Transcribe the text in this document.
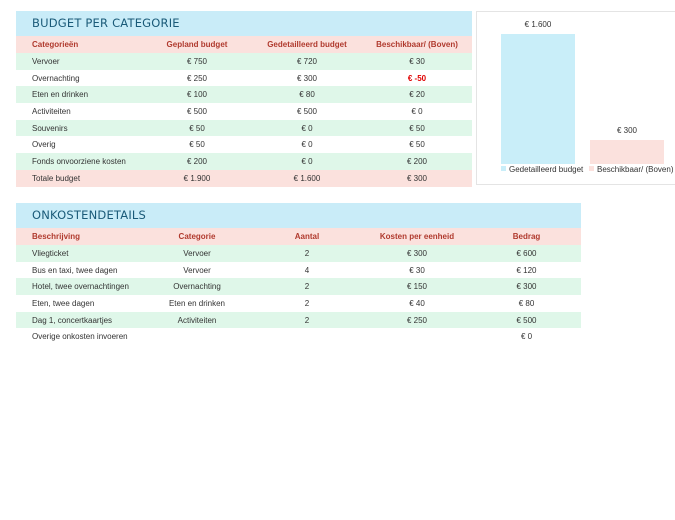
BUDGET PER CATEGORIE
Categorieën	Gepland budget	Gedetailleerd budget	Beschikbaar/ (Boven)
Vervoer	€ 750	€ 720	€ 30
Overnachting	€ 250	€ 300	€ -50
Eten en drinken	€ 100	€ 80	€ 20
Activiteiten	€ 500	€ 500	€ 0
Souvenirs	€ 50	€ 0	€ 50
Overig	€ 50	€ 0	€ 50
Fonds onvoorziene kosten	€ 200	€ 0	€ 200
Totale budget	€ 1.900	€ 1.600	€ 300
€ 1.600
€ 300
Gedetailleerd budget	Beschikbaar/ (Boven)
ONKOSTENDETAILS
Beschrijving	Categorie	Aantal	Kosten per eenheid	Bedrag
Vliegticket	Vervoer	2	€ 300	€ 600
Bus en taxi, twee dagen	Vervoer	4	€ 30	€ 120
Hotel, twee overnachtingen	Overnachting	2	€ 150	€ 300
Eten, twee dagen	Eten en drinken	2	€ 40	€ 80
Dag 1, concertkaartjes	Activiteiten	2	€ 250	€ 500
Overige onkosten invoeren				€ 0
